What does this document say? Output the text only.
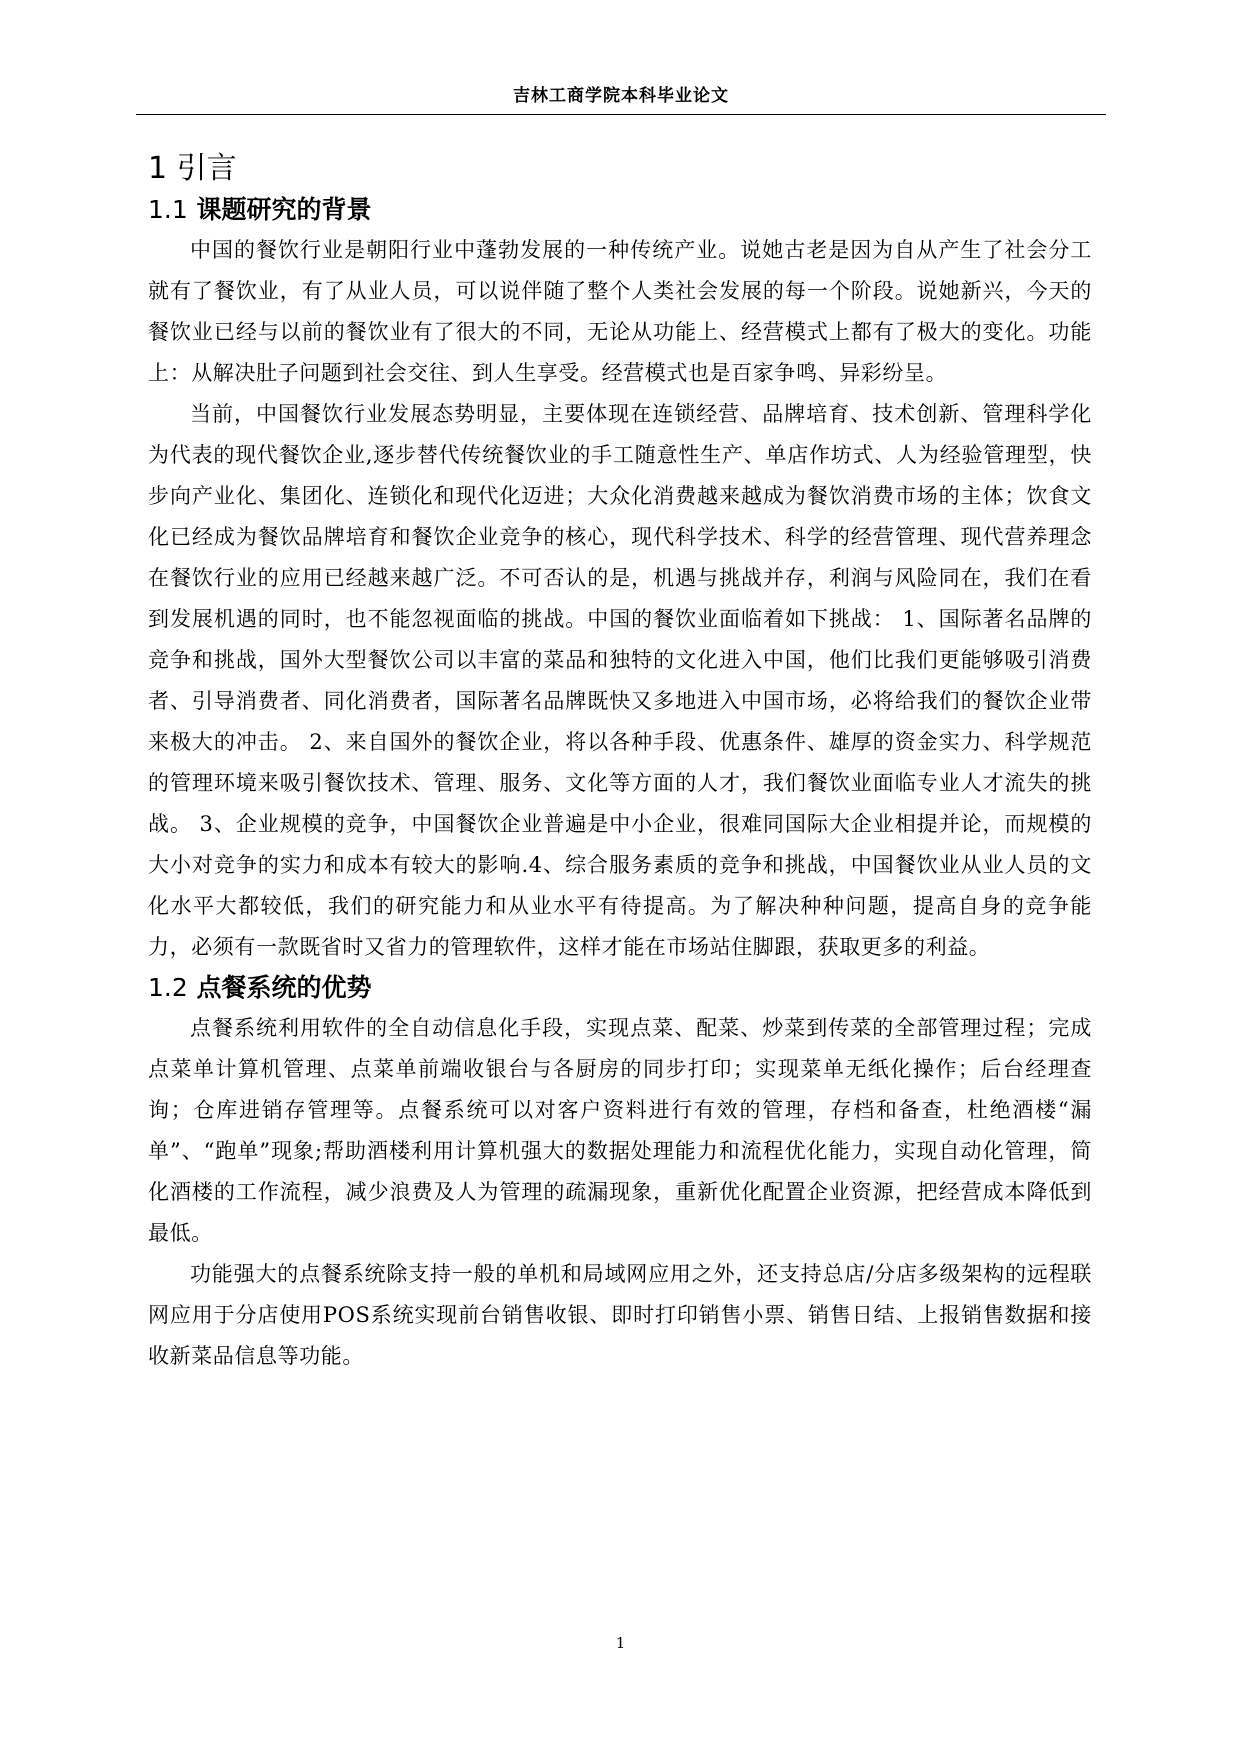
吉林工商学院本科毕业论文
1 引言
1.1 课题研究的背景

中国的餐饮行业是朝阳行业中蓬勃发展的一种传统产业。说她古老是因为自从产生了社会分工就有了餐饮业，有了从业人员，可以说伴随了整个人类社会发展的每一个阶段。说她新兴，今天的餐饮业已经与以前的餐饮业有了很大的不同，无论从功能上、经营模式上都有了极大的变化。功能上：从解决肚子问题到社会交往、到人生享受。经营模式也是百家争鸣、异彩纷呈。

当前，中国餐饮行业发展态势明显，主要体现在连锁经营、品牌培育、技术创新、管理科学化为代表的现代餐饮企业,逐步替代传统餐饮业的手工随意性生产、单店作坊式、人为经验管理型，快步向产业化、集团化、连锁化和现代化迈进；大众化消费越来越成为餐饮消费市场的主体；饮食文化已经成为餐饮品牌培育和餐饮企业竞争的核心，现代科学技术、科学的经营管理、现代营养理念在餐饮行业的应用已经越来越广泛。不可否认的是，机遇与挑战并存，利润与风险同在，我们在看到发展机遇的同时，也不能忽视面临的挑战。中国的餐饮业面临着如下挑战： 1、国际著名品牌的竞争和挑战，国外大型餐饮公司以丰富的菜品和独特的文化进入中国，他们比我们更能够吸引消费者、引导消费者、同化消费者，国际著名品牌既快又多地进入中国市场，必将给我们的餐饮企业带来极大的冲击。 2、来自国外的餐饮企业，将以各种手段、优惠条件、雄厚的资金实力、科学规范的管理环境来吸引餐饮技术、管理、服务、文化等方面的人才，我们餐饮业面临专业人才流失的挑战。 3、企业规模的竞争，中国餐饮企业普遍是中小企业，很难同国际大企业相提并论，而规模的大小对竞争的实力和成本有较大的影响.4、综合服务素质的竞争和挑战，中国餐饮业从业人员的文化水平大都较低，我们的研究能力和从业水平有待提高。为了解决种种问题，提高自身的竞争能力，必须有一款既省时又省力的管理软件，这样才能在市场站住脚跟，获取更多的利益。

1.2 点餐系统的优势

点餐系统利用软件的全自动信息化手段，实现点菜、配菜、炒菜到传菜的全部管理过程；完成点菜单计算机管理、点菜单前端收银台与各厨房的同步打印；实现菜单无纸化操作；后台经理查询；仓库进销存管理等。点餐系统可以对客户资料进行有效的管理，存档和备查，杜绝酒楼“漏单”、“跑单”现象;帮助酒楼利用计算机强大的数据处理能力和流程优化能力，实现自动化管理，简化酒楼的工作流程，减少浪费及人为管理的疏漏现象，重新优化配置企业资源，把经营成本降低到最低。

功能强大的点餐系统除支持一般的单机和局域网应用之外，还支持总店/分店多级架构的远程联网应用于分店使用POS系统实现前台销售收银、即时打印销售小票、销售日结、上报销售数据和接收新菜品信息等功能。

1
